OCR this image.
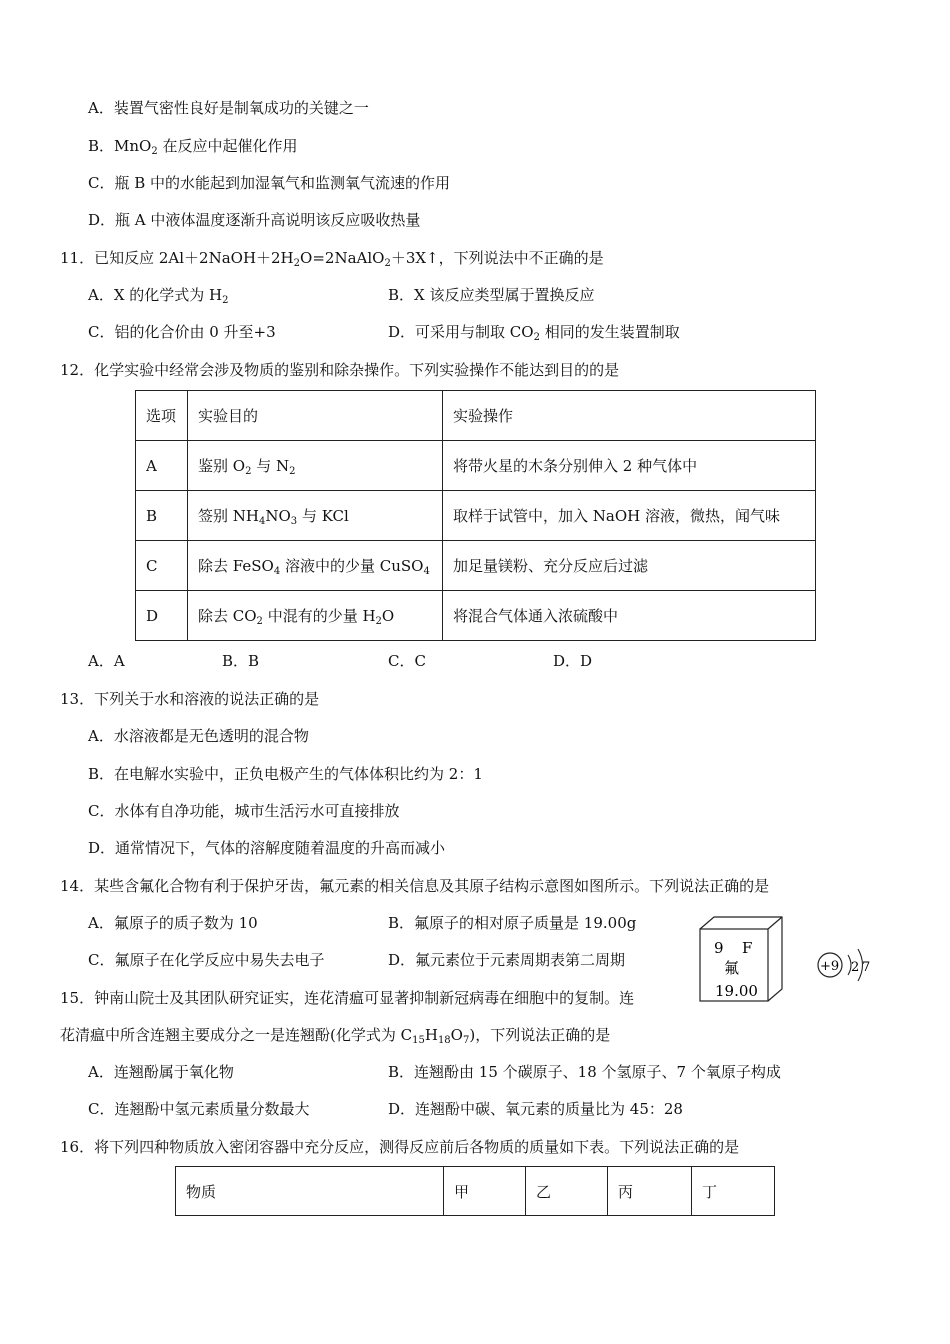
A．装置气密性良好是制氧成功的关键之一
B．MnO$_2$ 在反应中起催化作用
C．瓶 B 中的水能起到加湿氧气和监测氧气流速的作用
D．瓶 A 中液体温度逐渐升高说明该反应吸收热量
11．已知反应 $2Al+2NaOH+2H_2O=2NaAlO_2+3X↑$，下列说法中不正确的是
A．X 的化学式为 $H_2$	B．X 该反应类型属于置换反应
C．铝的化合价由 0 升至+3	D．可采用与制取 $CO_2$ 相同的发生装置制取
12．化学实验中经常会涉及物质的鉴别和除杂操作。下列实验操作不能达到目的的是
选项	实验目的	实验操作
A	鉴别 $O_2$ 与 $N_2$	将带火星的木条分别伸入 2 种气体中
B	签别 $NH_4NO_3$ 与 KCl	取样于试管中，加入 NaOH 溶液，微热，闻气味
C	除去 FeSO$_4$ 溶液中的少量 CuSO$_4$	加足量镁粉、充分反应后过滤
D	除去 $CO_2$ 中混有的少量 $H_2O$	将混合气体通入浓硫酸中
A．A	B．B	C．C	D．D
13．下列关于水和溶液的说法正确的是
A．水溶液都是无色透明的混合物
B．在电解水实验中，正负电极产生的气体体积比约为 2：1
C．水体有自净功能，城市生活污水可直接排放
D．通常情况下，气体的溶解度随着温度的升高而减小
14．某些含氟化合物有利于保护牙齿，氟元素的相关信息及其原子结构示意图如图所示。下列说法正确的是
A．氟原子的质子数为 10	B．氟原子的相对原子质量是 19.00g
C．氟原子在化学反应中易失去电子	D．氟元素位于元素周期表第二周期
9 F
氟
19.00
+9 2 7
15．钟南山院士及其团队研究证实，连花清瘟可显著抑制新冠病毒在细胞中的复制。连
花清瘟中所含连翘主要成分之一是连翘酚(化学式为 $C_{15}H_{18}O_7$)，下列说法正确的是
A．连翘酚属于氧化物	B．连翘酚由 15 个碳原子、18 个氢原子、7 个氧原子构成
C．连翘酚中氢元素质量分数最大	D．连翘酚中碳、氧元素的质量比为 45：28
16．将下列四种物质放入密闭容器中充分反应，测得反应前后各物质的质量如下表。下列说法正确的是
物质	甲	乙	丙	丁
